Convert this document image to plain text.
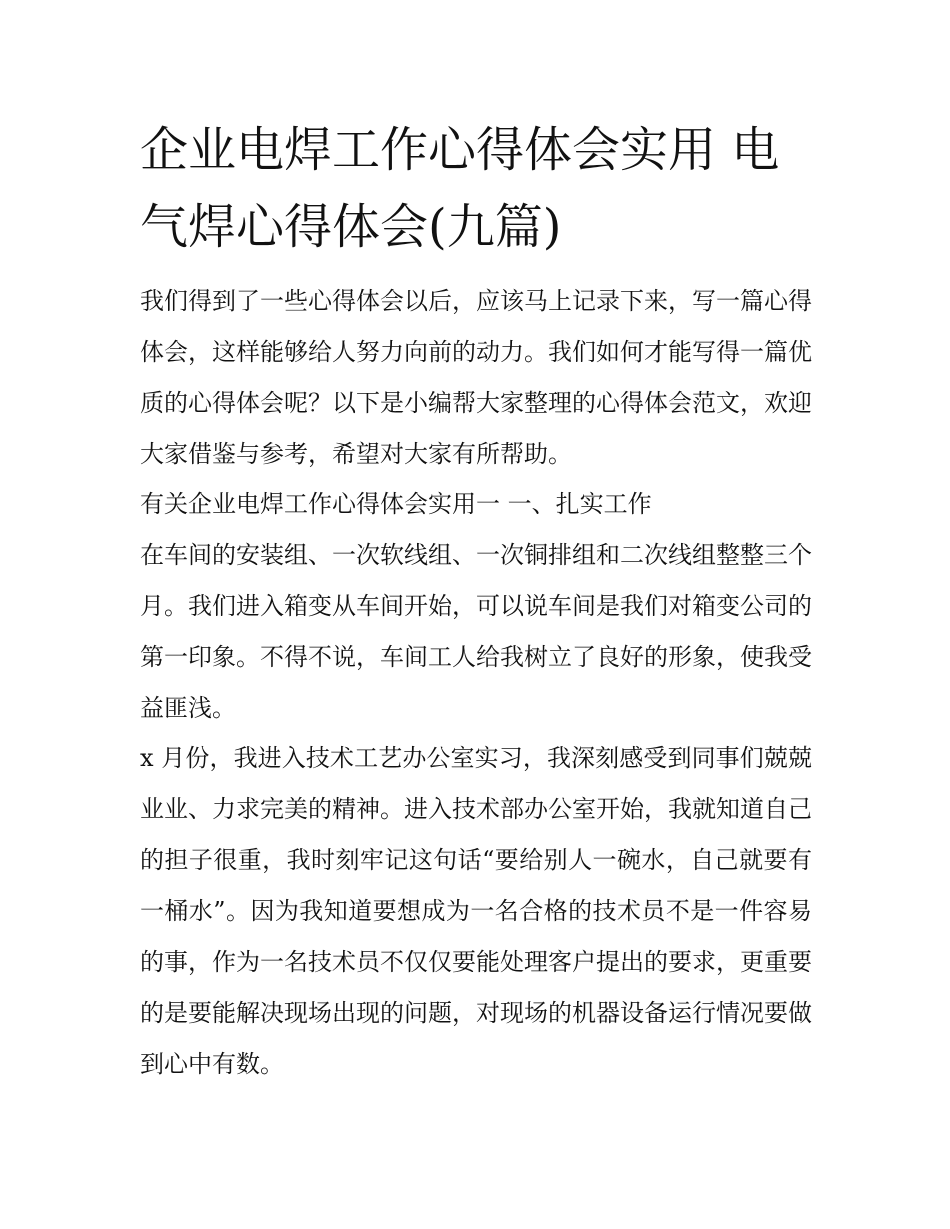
企业电焊工作心得体会实用 电气焊心得体会(九篇)

我们得到了一些心得体会以后，应该马上记录下来，写一篇心得体会，这样能够给人努力向前的动力。我们如何才能写得一篇优质的心得体会呢？以下是小编帮大家整理的心得体会范文，欢迎大家借鉴与参考，希望对大家有所帮助。

有关企业电焊工作心得体会实用一 一、扎实工作

在车间的安装组、一次软线组、一次铜排组和二次线组整整三个月。我们进入箱变从车间开始，可以说车间是我们对箱变公司的第一印象。不得不说，车间工人给我树立了良好的形象，使我受益匪浅。

x 月份，我进入技术工艺办公室实习，我深刻感受到同事们兢兢业业、力求完美的精神。进入技术部办公室开始，我就知道自己的担子很重，我时刻牢记这句话“要给别人一碗水，自己就要有一桶水”。因为我知道要想成为一名合格的技术员不是一件容易的事，作为一名技术员不仅仅要能处理客户提出的要求，更重要的是要能解决现场出现的问题，对现场的机器设备运行情况要做到心中有数。
